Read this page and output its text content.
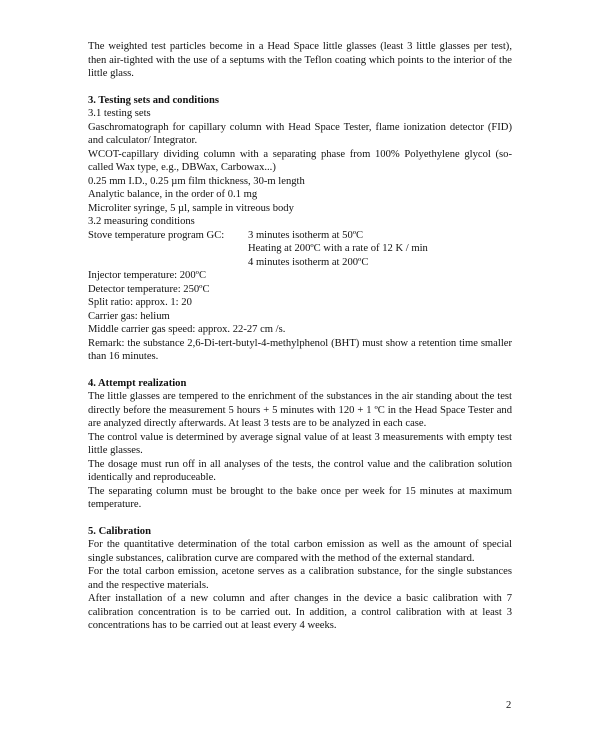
The weighted test particles become in a Head Space little glasses (least 3 little glasses per test), then air-tighted with the use of a septums with the Teflon coating which points to the interior of the little glass.

3. Testing sets and conditions

3.1 testing sets

Gaschromatograph for capillary column with Head Space Tester, flame ionization detector (FID) and calculator/ Integrator.

WCOT-capillary dividing column with a separating phase from 100% Polyethylene glycol (so-called Wax type, e.g., DBWax, Carbowax...)

0.25 mm I.D., 0.25 µm film thickness, 30-m length

Analytic balance, in the order of 0.1 mg

Microliter syringe, 5 µl, sample in vitreous body

3.2 measuring conditions

Stove temperature program GC:	3 minutes isotherm at 50ºC
Heating at 200ºC with a rate of 12 K / min
4 minutes isotherm at 200ºC

Injector temperature: 200ºC

Detector temperature: 250ºC

Split ratio: approx. 1: 20

Carrier gas: helium

Middle carrier gas speed: approx. 22-27 cm /s.

Remark: the substance 2,6-Di-tert-butyl-4-methylphenol (BHT) must show a retention time smaller than 16 minutes.

4. Attempt realization

The little glasses are tempered to the enrichment of the substances in the air standing about the test directly before the measurement 5 hours + 5 minutes with 120 + 1 ºC in the Head Space Tester and are analyzed directly afterwards. At least 3 tests are to be analyzed in each case.

The control value is determined by average signal value of at least 3 measurements with empty test little glasses.

The dosage must run off in all analyses of the tests, the control value and the calibration solution identically and reproduceable.

The separating column must be brought to the bake once per week for 15 minutes at maximum temperature.

5. Calibration

For the quantitative determination of the total carbon emission as well as the amount of special single substances, calibration curve are compared with the method of the external standard.

For the total carbon emission, acetone serves as a calibration substance, for the single substances and the respective materials.

After installation of a new column and after changes in the device a basic calibration with 7 calibration concentration is to be carried out. In addition, a control calibration with at least 3 concentrations has to be carried out at least every 4 weeks.

2
